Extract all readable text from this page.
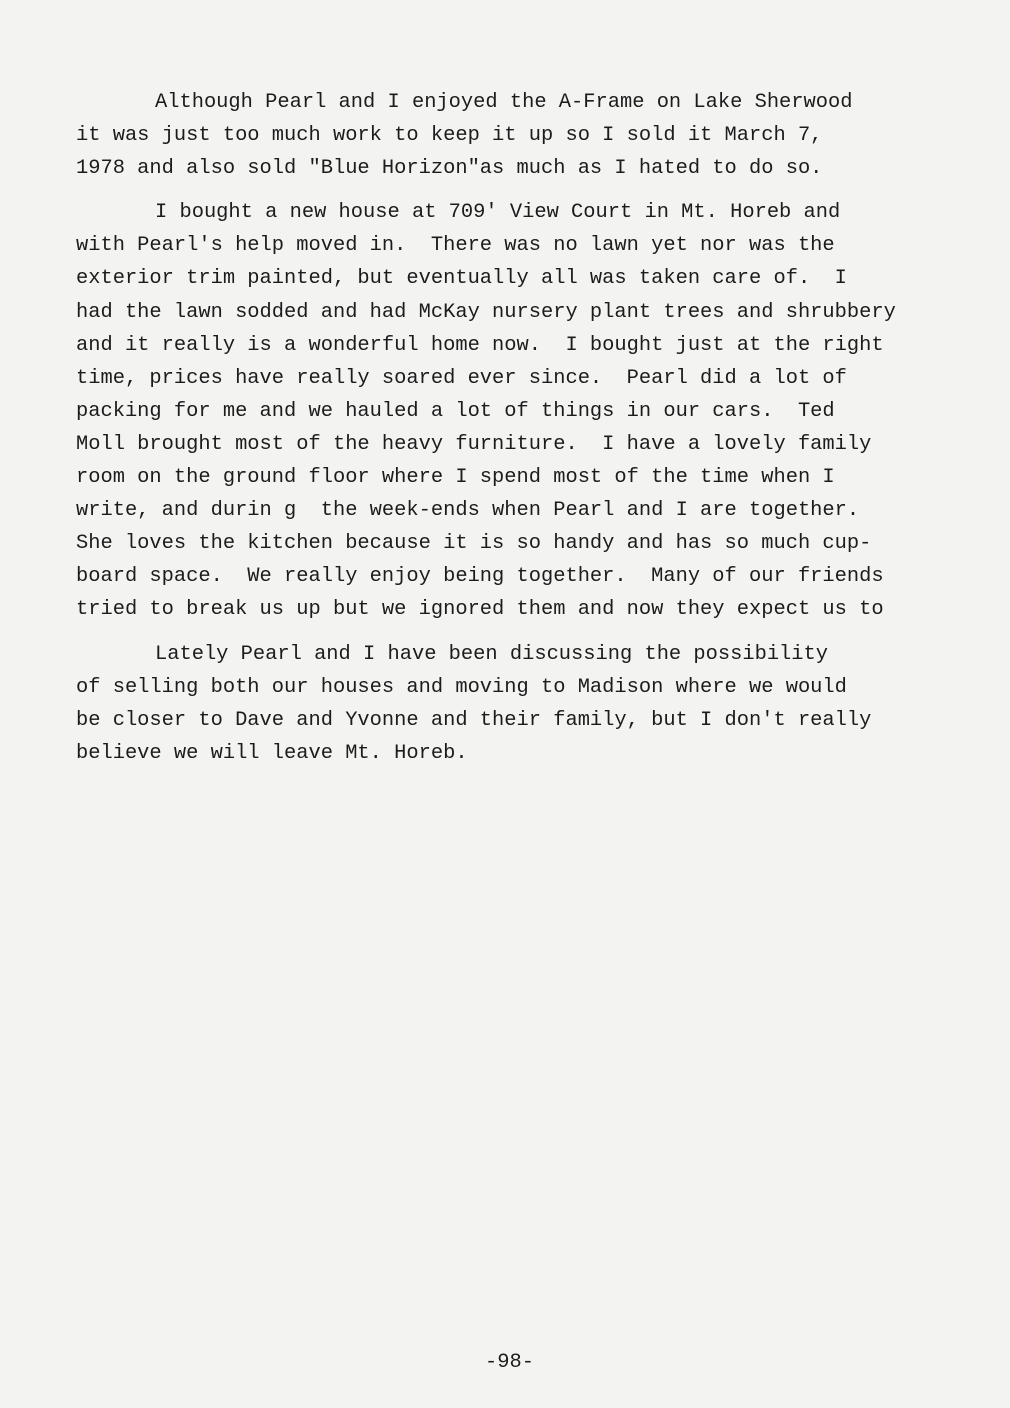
Although Pearl and I enjoyed the A-Frame on Lake Sherwood
it was just too much work to keep it up so I sold it March 7,
1978 and also sold "Blue Horizon"as much as I hated to do so.
I bought a new house at 709' View Court in Mt. Horeb and
with Pearl's help moved in.  There was no lawn yet nor was the
exterior trim painted, but eventually all was taken care of.  I
had the lawn sodded and had McKay nursery plant trees and shrubbery
and it really is a wonderful home now.  I bought just at the right
time, prices have really soared ever since.  Pearl did a lot of
packing for me and we hauled a lot of things in our cars.  Ted
Moll brought most of the heavy furniture.  I have a lovely family
room on the ground floor where I spend most of the time when I
write, and durin g  the week-ends when Pearl and I are together.
She loves the kitchen because it is so handy and has so much cup-
board space.  We really enjoy being together.  Many of our friends
tried to break us up but we ignored them and now they expect us to
Lately Pearl and I have been discussing the possibility
of selling both our houses and moving to Madison where we would
be closer to Dave and Yvonne and their family, but I don't really
believe we will leave Mt. Horeb.

-98-
